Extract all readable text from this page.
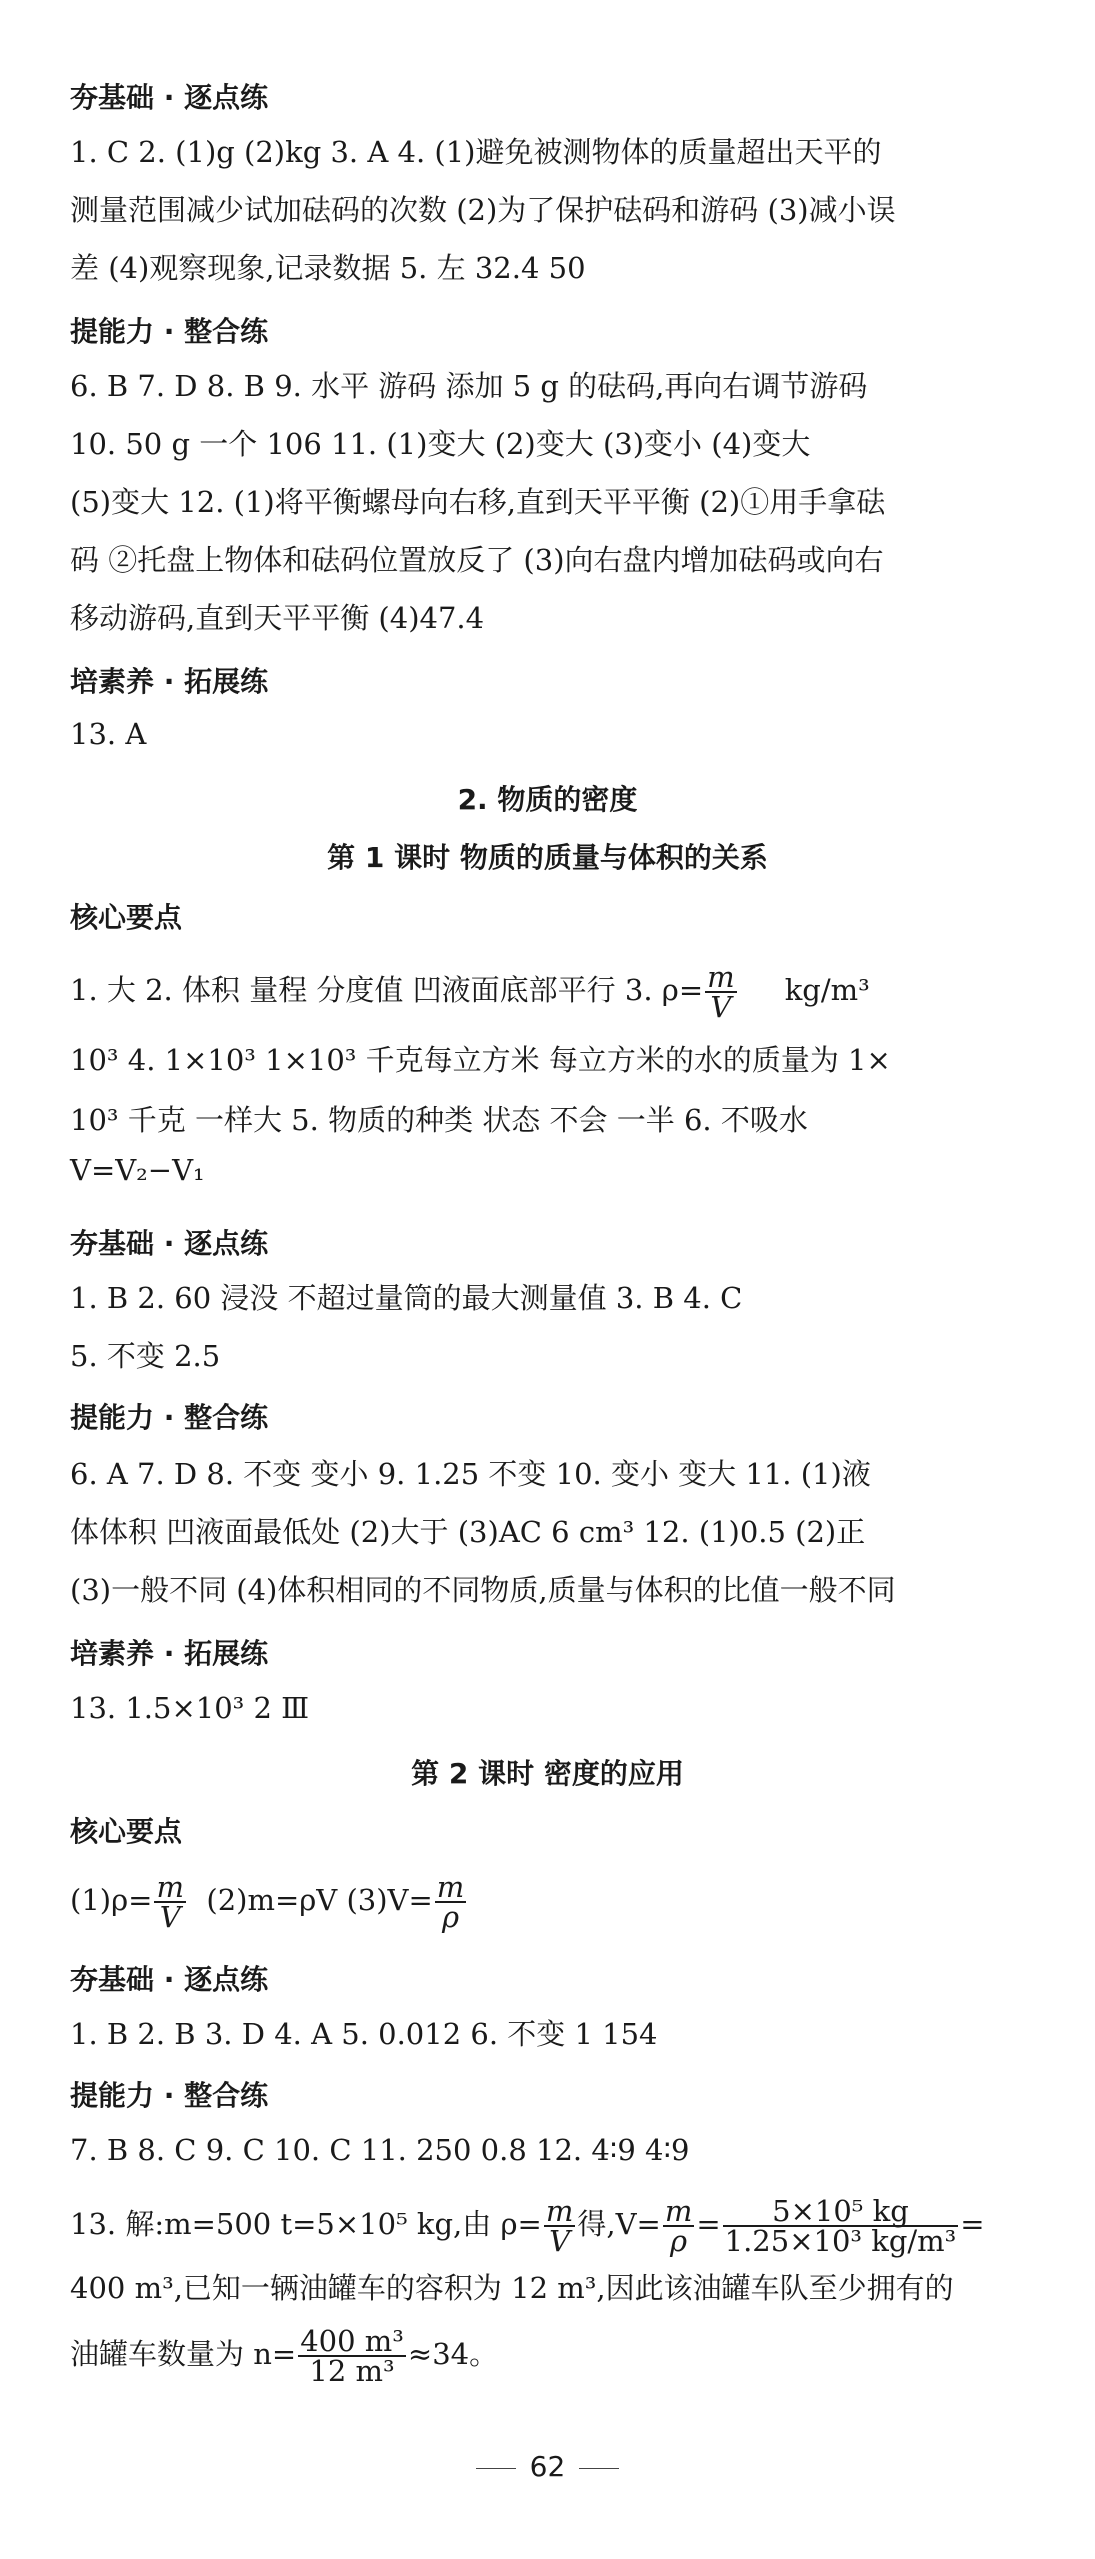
夯基础 · 逐点练
1. C 2. (1)g (2)kg 3. A 4. (1)避免被测物体的质量超出天平的
测量范围减少试加砝码的次数 (2)为了保护砝码和游码 (3)减小误
差 (4)观察现象,记录数据 5. 左 32.4 50
提能力 · 整合练
6. B 7. D 8. B 9. 水平 游码 添加 5 g 的砝码,再向右调节游码
10. 50 g 一个 106 11. (1)变大 (2)变大 (3)变小 (4)变大
(5)变大 12. (1)将平衡螺母向右移,直到天平平衡 (2)①用手拿砝
码 ②托盘上物体和砝码位置放反了 (3)向右盘内增加砝码或向右
移动游码,直到天平平衡 (4)47.4
培素养 · 拓展练
13. A
2. 物质的密度
第 1 课时 物质的质量与体积的关系
核心要点
1. 大 2. 体积 量程 分度值 凹液面底部平行 3. $\rho= \frac{m}{V} kg/m^3$
10³ 4. 1×10³ 1×10³ 千克每立方米 每立方米的水的质量为 1×
10³ 千克 一样大 5. 物质的种类 状态 不会 一半 6. 不吸水
V=V₂−V₁
夯基础 · 逐点练
1. B 2. 60 浸没 不超过量筒的最大测量值 3. B 4. C
5. 不变 2.5
提能力 · 整合练
6. A 7. D 8. 不变 变小 9. 1.25 不变 10. 变小 变大 11. (1)液
体体积 凹液面最低处 (2)大于 (3)AC 6 cm³ 12. (1)0.5 (2)正
(3)一般不同 (4)体积相同的不同物质,质量与体积的比值一般不同
培素养 · 拓展练
13. 1.5×10³ 2 Ⅲ
第 2 课时 密度的应用
核心要点
$(1)\rho= \frac{m}{V} (2)m=\rho V$ $(3)V= \frac{m}{\rho}$
夯基础 · 逐点练
1. B 2. B 3. D 4. A 5. 0.012 6. 不变 1 154
提能力 · 整合练
7. B 8. C 9. C 10. C 11. 250 0.8 12. 4∶9 4∶9
13. 解:m=500 t=5×10⁵ kg,由 $\rho= \frac{m}{V}$ 得$,V= \frac{m}{\rho} = \frac{\text{5×10⁵ kg}}{\text{1.25×10³ kg/m³}}$ =
400 m³,已知一辆油罐车的容积为 12 m³,因此该油罐车队至少拥有的
油罐车数量为 $n= \frac{\text{400 m³}}{\text{12 m³}} \approx 34$。
62
